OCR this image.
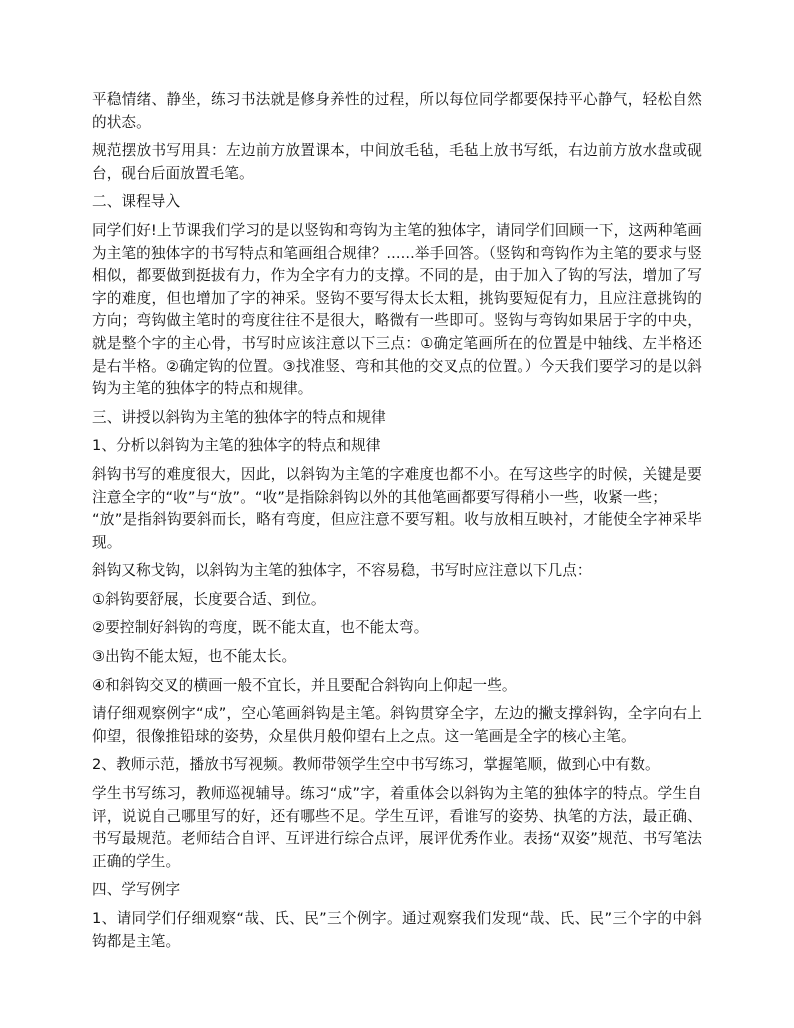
平稳情绪、静坐，练习书法就是修身养性的过程，所以每位同学都要保持平心静气，轻松自然的状态。

规范摆放书写用具：左边前方放置课本，中间放毛毡，毛毡上放书写纸，右边前方放水盘或砚台，砚台后面放置毛笔。

二、课程导入

同学们好!上节课我们学习的是以竖钩和弯钩为主笔的独体字，请同学们回顾一下，这两种笔画为主笔的独体字的书写特点和笔画组合规律？......举手回答。（竖钩和弯钩作为主笔的要求与竖相似，都要做到挺拔有力，作为全字有力的支撑。不同的是，由于加入了钩的写法，增加了写字的难度，但也增加了字的神采。竖钩不要写得太长太粗，挑钩要短促有力，且应注意挑钩的方向；弯钩做主笔时的弯度往往不是很大，略微有一些即可。竖钩与弯钩如果居于字的中央，就是整个字的主心骨，书写时应该注意以下三点：①确定笔画所在的位置是中轴线、左半格还是右半格。②确定钩的位置。③找准竖、弯和其他的交叉点的位置。）今天我们要学习的是以斜钩为主笔的独体字的特点和规律。

三、讲授以斜钩为主笔的独体字的特点和规律

1、分析以斜钩为主笔的独体字的特点和规律

斜钩书写的难度很大，因此，以斜钩为主笔的字难度也都不小。在写这些字的时候，关键是要注意全字的“收”与“放”。“收”是指除斜钩以外的其他笔画都要写得稍小一些，收紧一些；

“放”是指斜钩要斜而长，略有弯度，但应注意不要写粗。收与放相互映衬，才能使全字神采毕现。

斜钩又称戈钩，以斜钩为主笔的独体字，不容易稳，书写时应注意以下几点：

①斜钩要舒展，长度要合适、到位。

②要控制好斜钩的弯度，既不能太直，也不能太弯。

③出钩不能太短，也不能太长。

④和斜钩交叉的横画一般不宜长，并且要配合斜钩向上仰起一些。

请仔细观察例字“成”，空心笔画斜钩是主笔。斜钩贯穿全字，左边的撇支撑斜钩，全字向右上仰望，很像推铅球的姿势，众星供月般仰望右上之点。这一笔画是全字的核心主笔。

2、教师示范，播放书写视频。教师带领学生空中书写练习，掌握笔顺，做到心中有数。

学生书写练习，教师巡视辅导。练习“成”字，着重体会以斜钩为主笔的独体字的特点。学生自评，说说自己哪里写的好，还有哪些不足。学生互评，看谁写的姿势、执笔的方法，最正确、书写最规范。老师结合自评、互评进行综合点评，展评优秀作业。表扬“双姿”规范、书写笔法正确的学生。

四、学写例字

1、请同学们仔细观察“哉、氏、民”三个例字。通过观察我们发现“哉、氏、民”三个字的中斜钩都是主笔。
